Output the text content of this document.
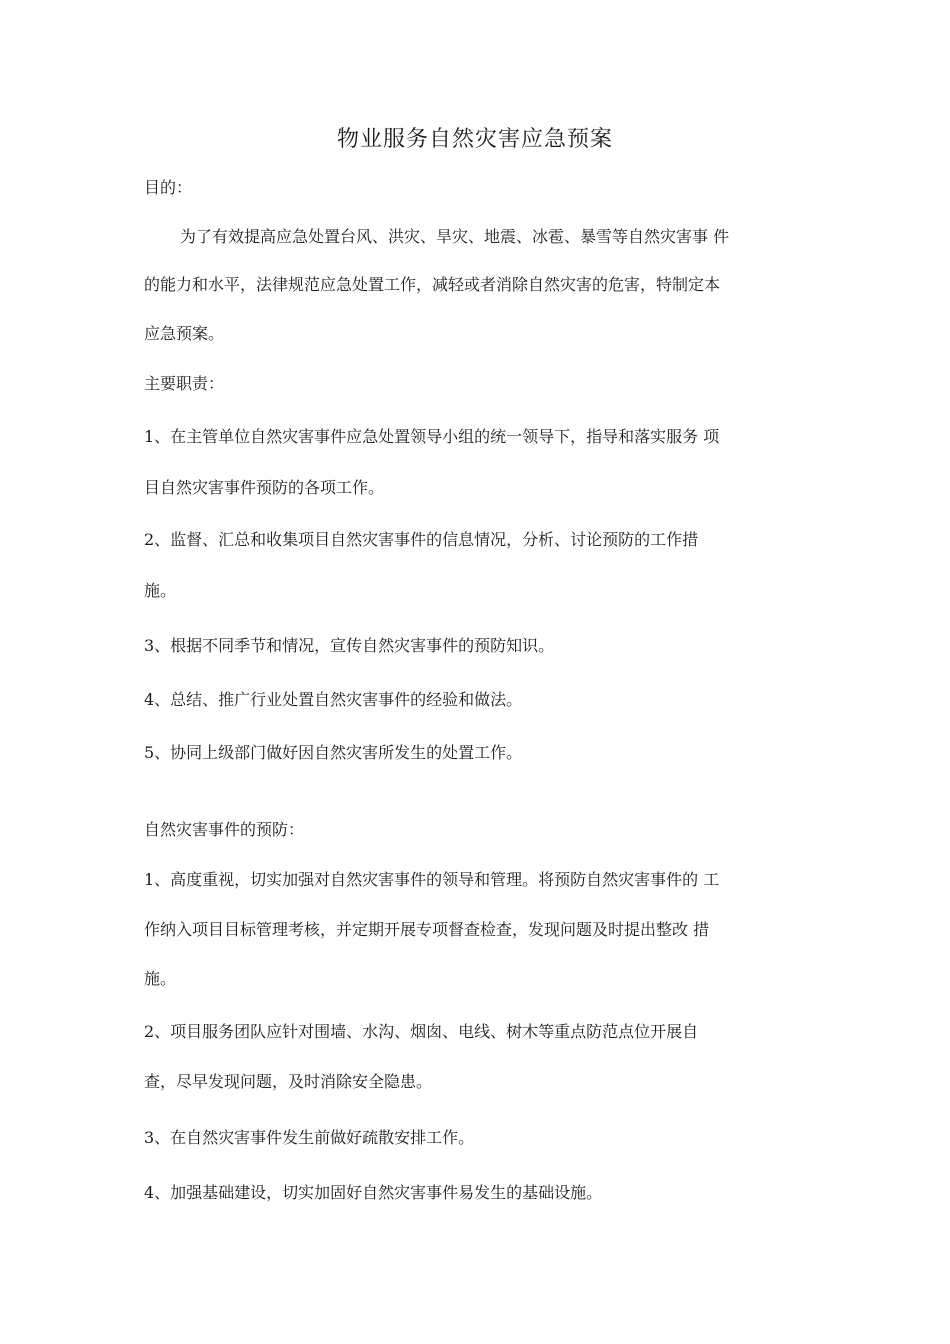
物业服务自然灾害应急预案
目的：
为了有效提高应急处置台风、洪灾、旱灾、地震、冰雹、暴雪等自然灾害事 件
的能力和水平，法律规范应急处置工作，减轻或者消除自然灾害的危害，特制定本
应急预案。
主要职责：
1、在主管单位自然灾害事件应急处置领导小组的统一领导下，指导和落实服务 项
目自然灾害事件预防的各项工作。
2、监督、汇总和收集项目自然灾害事件的信息情况，分析、讨论预防的工作措
施。
3、根据不同季节和情况，宣传自然灾害事件的预防知识。
4、总结、推广行业处置自然灾害事件的经验和做法。
5、协同上级部门做好因自然灾害所发生的处置工作。
自然灾害事件的预防：
1、高度重视，切实加强对自然灾害事件的领导和管理。将预防自然灾害事件的 工
作纳入项目目标管理考核，并定期开展专项督查检查，发现问题及时提出整改 措
施。
2、项目服务团队应针对围墙、水沟、烟囱、电线、树木等重点防范点位开展自
查，尽早发现问题，及时消除安全隐患。
3、在自然灾害事件发生前做好疏散安排工作。
4、加强基础建设，切实加固好自然灾害事件易发生的基础设施。
